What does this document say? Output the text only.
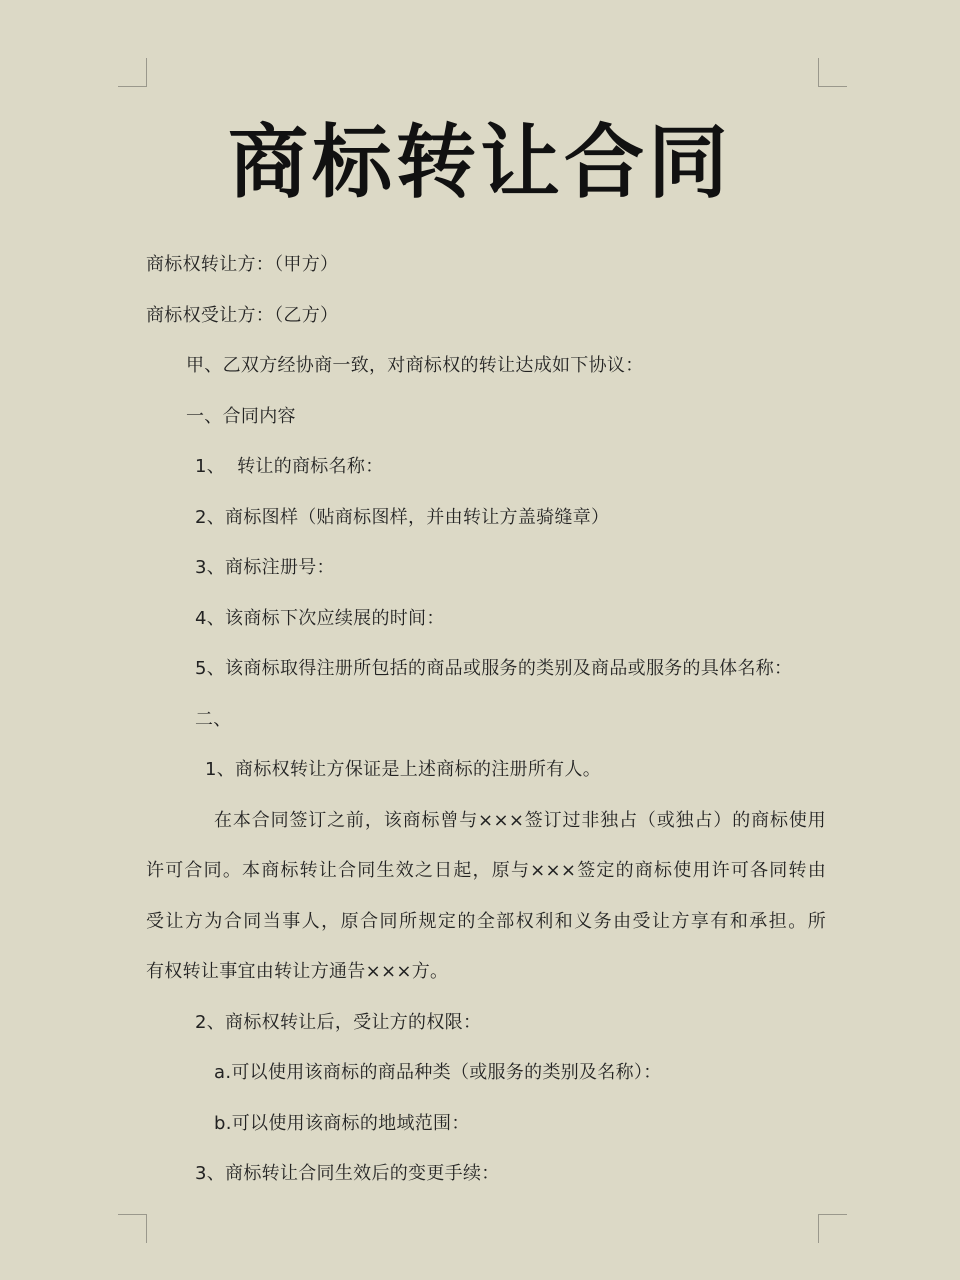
商标转让合同
商标权转让方：（甲方）
商标权受让方：（乙方）
甲、乙双方经协商一致，对商标权的转让达成如下协议：
一、合同内容
1、  转让的商标名称：
2、商标图样（贴商标图样，并由转让方盖骑缝章）
3、商标注册号：
4、该商标下次应续展的时间：
5、该商标取得注册所包括的商品或服务的类别及商品或服务的具体名称：
二、
1、商标权转让方保证是上述商标的注册所有人。
在本合同签订之前，该商标曾与×××签订过非独占（或独占）的商标使用
许可合同。本商标转让合同生效之日起，原与×××签定的商标使用许可各同转由
受让方为合同当事人，原合同所规定的全部权利和义务由受让方享有和承担。所
有权转让事宜由转让方通告×××方。
2、商标权转让后，受让方的权限：
a.可以使用该商标的商品种类（或服务的类别及名称）：
b.可以使用该商标的地域范围：
3、商标转让合同生效后的变更手续：
